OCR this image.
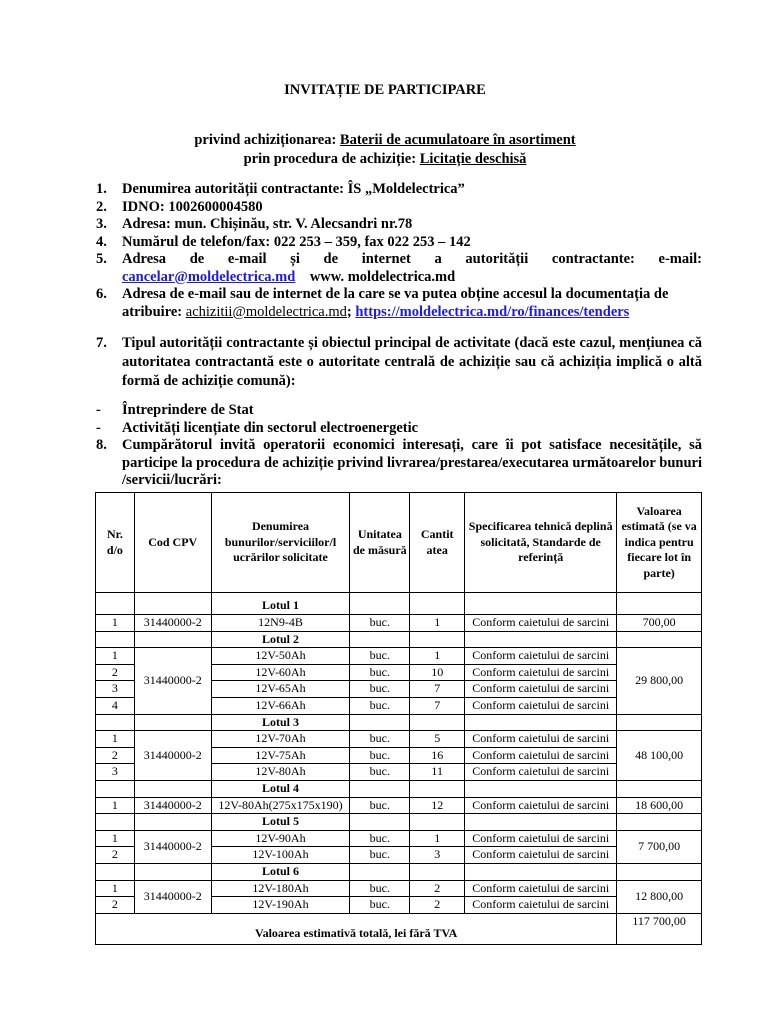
INVITAȚIE DE PARTICIPARE
privind achiziționarea: Baterii de acumulatoare în asortiment
prin procedura de achiziție: Licitație deschisă
1. Denumirea autorității contractante: ÎS „Moldelectrica”
2. IDNO: 1002600004580
3. Adresa: mun. Chișinău, str. V. Alecsandri nr.78
4. Numărul de telefon/fax: 022 253 – 359, fax 022 253 – 142
5. Adresa de e-mail și de internet a autorității contractante: e-mail:
cancelar@moldelectrica.md www. moldelectrica.md
6. Adresa de e-mail sau de internet de la care se va putea obține accesul la documentația de
atribuire: achizitii@moldelectrica.md; https://moldelectrica.md/ro/finances/tenders
7. Tipul autorității contractante și obiectul principal de activitate (dacă este cazul, mențiunea că autoritatea contractantă este o autoritate centrală de achiziție sau că achiziția implică o altă formă de achiziție comună):
- Întreprindere de Stat
- Activități licențiate din sectorul electroenergetic
8. Cumpărătorul invită operatorii economici interesați, care îi pot satisface necesitățile, să participe la procedura de achiziție privind livrarea/prestarea/executarea următoarelor bunuri /servicii/lucrări:
Nr. d/o	Cod CPV	Denumirea bunurilor/serviciilor/l ucrărilor solicitate	Unitatea de măsură	Cantit atea	Specificarea tehnică deplină solicitată, Standarde de referință	Valoarea estimată (se va indica pentru fiecare lot în parte)
		Lotul 1				
1	31440000-2	12N9-4B	buc.	1	Conform caietului de sarcini	700,00
		Lotul 2				
1	31440000-2	12V-50Ah	buc.	1	Conform caietului de sarcini	29 800,00
2		12V-60Ah	buc.	10	Conform caietului de sarcini	
3		12V-65Ah	buc.	7	Conform caietului de sarcini	
4		12V-66Ah	buc.	7	Conform caietului de sarcini	
		Lotul 3				
1	31440000-2	12V-70Ah	buc.	5	Conform caietului de sarcini	48 100,00
2		12V-75Ah	buc.	16	Conform caietului de sarcini	
3		12V-80Ah	buc.	11	Conform caietului de sarcini	
		Lotul 4				
1	31440000-2	12V-80Ah(275x175x190)	buc.	12	Conform caietului de sarcini	18 600,00
		Lotul 5				
1	31440000-2	12V-90Ah	buc.	1	Conform caietului de sarcini	7 700,00
2		12V-100Ah	buc.	3	Conform caietului de sarcini	
		Lotul 6				
1	31440000-2	12V-180Ah	buc.	2	Conform caietului de sarcini	12 800,00
2		12V-190Ah	buc.	2	Conform caietului de sarcini	
Valoarea estimativă totală, lei fără TVA						117 700,00
